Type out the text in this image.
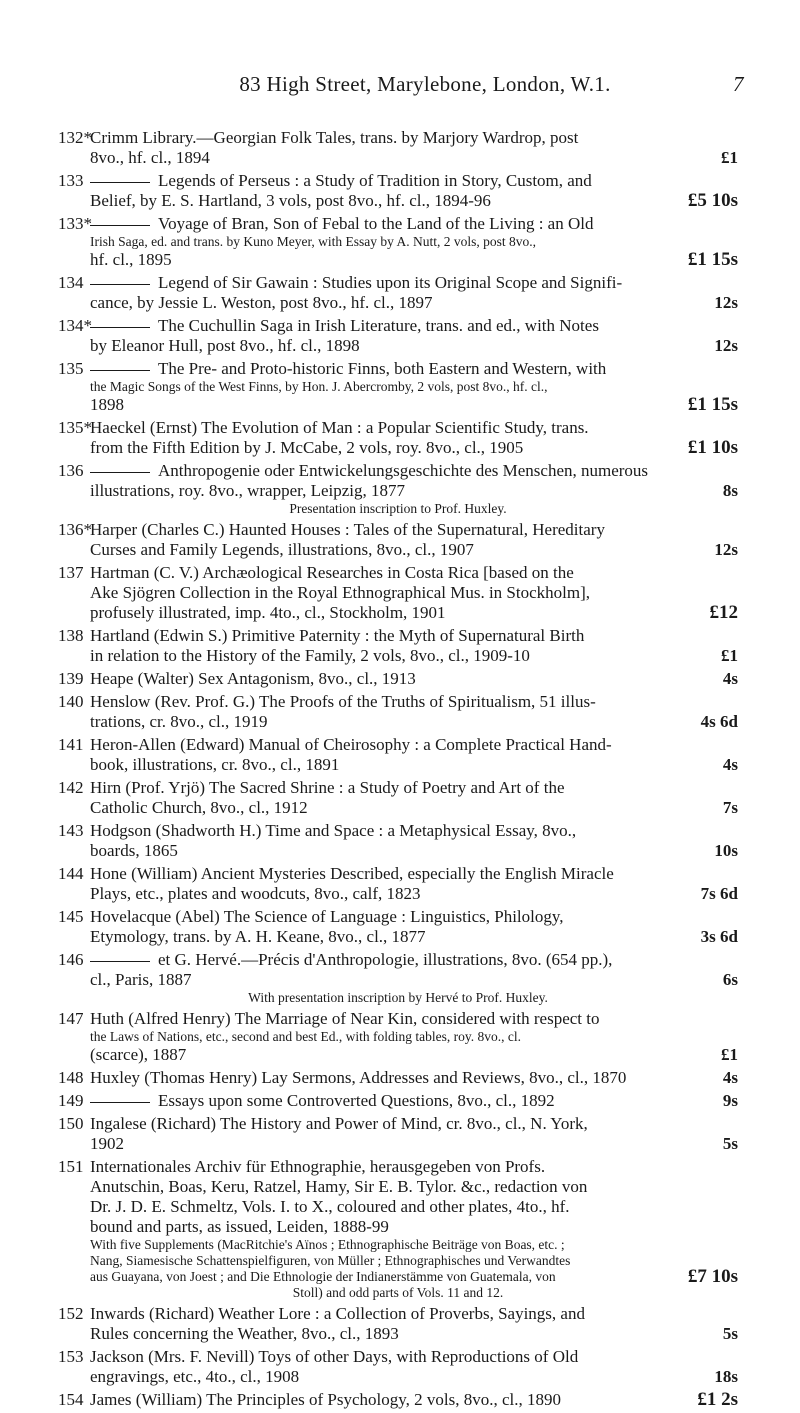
83 High Street, Marylebone, London, W.1.	7
132*
Crimm Library.—Georgian Folk Tales, trans. by Marjory Wardrop, post
8vo., hf. cl., 1894	£1
133	Legends of Perseus : a Study of Tradition in Story, Custom, and
Belief, by E. S. Hartland, 3 vols, post 8vo., hf. cl., 1894-96	£5 10s
133*	Voyage of Bran, Son of Febal to the Land of the Living : an Old
Irish Saga, ed. and trans. by Kuno Meyer, with Essay by A. Nutt, 2 vols, post 8vo.,
hf. cl., 1895	£1 15s
134	Legend of Sir Gawain : Studies upon its Original Scope and Signifi-
cance, by Jessie L. Weston, post 8vo., hf. cl., 1897	12s
134*	The Cuchullin Saga in Irish Literature, trans. and ed., with Notes
by Eleanor Hull, post 8vo., hf. cl., 1898	12s
135	The Pre- and Proto-historic Finns, both Eastern and Western, with
the Magic Songs of the West Finns, by Hon. J. Abercromby, 2 vols, post 8vo., hf. cl.,
1898	£1 15s
135*
Haeckel (Ernst) The Evolution of Man : a Popular Scientific Study, trans.
from the Fifth Edition by J. McCabe, 2 vols, roy. 8vo., cl., 1905	£1 10s
136	Anthropogenie oder Entwickelungsgeschichte des Menschen, numerous
illustrations, roy. 8vo., wrapper, Leipzig, 1877	8s
Presentation inscription to Prof. Huxley.
136*
Harper (Charles C.) Haunted Houses : Tales of the Supernatural, Hereditary
Curses and Family Legends, illustrations, 8vo., cl., 1907	12s
137 Hartman (C. V.) Archæological Researches in Costa Rica [based on the
Ake Sjögren Collection in the Royal Ethnographical Mus. in Stockholm],
profusely illustrated, imp. 4to., cl., Stockholm, 1901	£12
138 Hartland (Edwin S.) Primitive Paternity : the Myth of Supernatural Birth
in relation to the History of the Family, 2 vols, 8vo., cl., 1909-10	£1
139 Heape (Walter) Sex Antagonism, 8vo., cl., 1913	4s
140 Henslow (Rev. Prof. G.) The Proofs of the Truths of Spiritualism, 51 illus-
trations, cr. 8vo., cl., 1919	4s 6d
141 Heron-Allen (Edward) Manual of Cheirosophy : a Complete Practical Hand-
book, illustrations, cr. 8vo., cl., 1891	4s
142 Hirn (Prof. Yrjö) The Sacred Shrine : a Study of Poetry and Art of the
Catholic Church, 8vo., cl., 1912	7s
143 Hodgson (Shadworth H.) Time and Space : a Metaphysical Essay, 8vo.,
boards, 1865	10s
144 Hone (William) Ancient Mysteries Described, especially the English Miracle
Plays, etc., plates and woodcuts, 8vo., calf, 1823	7s 6d
145 Hovelacque (Abel) The Science of Language : Linguistics, Philology,
Etymology, trans. by A. H. Keane, 8vo., cl., 1877	3s 6d
146	et G. Hervé.—Précis d'Anthropologie, illustrations, 8vo. (654 pp.),
cl., Paris, 1887	6s
With presentation inscription by Hervé to Prof. Huxley.
147 Huth (Alfred Henry) The Marriage of Near Kin, considered with respect to
the Laws of Nations, etc., second and best Ed., with folding tables, roy. 8vo., cl.
(scarce), 1887	£1
148 Huxley (Thomas Henry) Lay Sermons, Addresses and Reviews, 8vo., cl., 1870	4s
149	Essays upon some Controverted Questions, 8vo., cl., 1892	9s
150 Ingalese (Richard) The History and Power of Mind, cr. 8vo., cl., N. York,
1902	5s
151 Internationales Archiv für Ethnographie, herausgegeben von Profs.
Anutschin, Boas, Keru, Ratzel, Hamy, Sir E. B. Tylor. &c., redaction von
Dr. J. D. E. Schmeltz, Vols. I. to X., coloured and other plates, 4to., hf.
bound and parts, as issued, Leiden, 1888-99
With five Supplements (MacRitchie's Aïnos ; Ethnographische Beiträge von Boas, etc. ;
Nang, Siamesische Schattenspielfiguren, von Müller ; Ethnographisches und Verwandtes
aus Guayana, von Joest ; and Die Ethnologie der Indianerstämme von Guatemala, von	£7 10s
Stoll) and odd parts of Vols. 11 and 12.
152 Inwards (Richard) Weather Lore : a Collection of Proverbs, Sayings, and
Rules concerning the Weather, 8vo., cl., 1893	5s
153 Jackson (Mrs. F. Nevill) Toys of other Days, with Reproductions of Old
engravings, etc., 4to., cl., 1908	18s
154 James (William) The Principles of Psychology, 2 vols, 8vo., cl., 1890	£1 2s
